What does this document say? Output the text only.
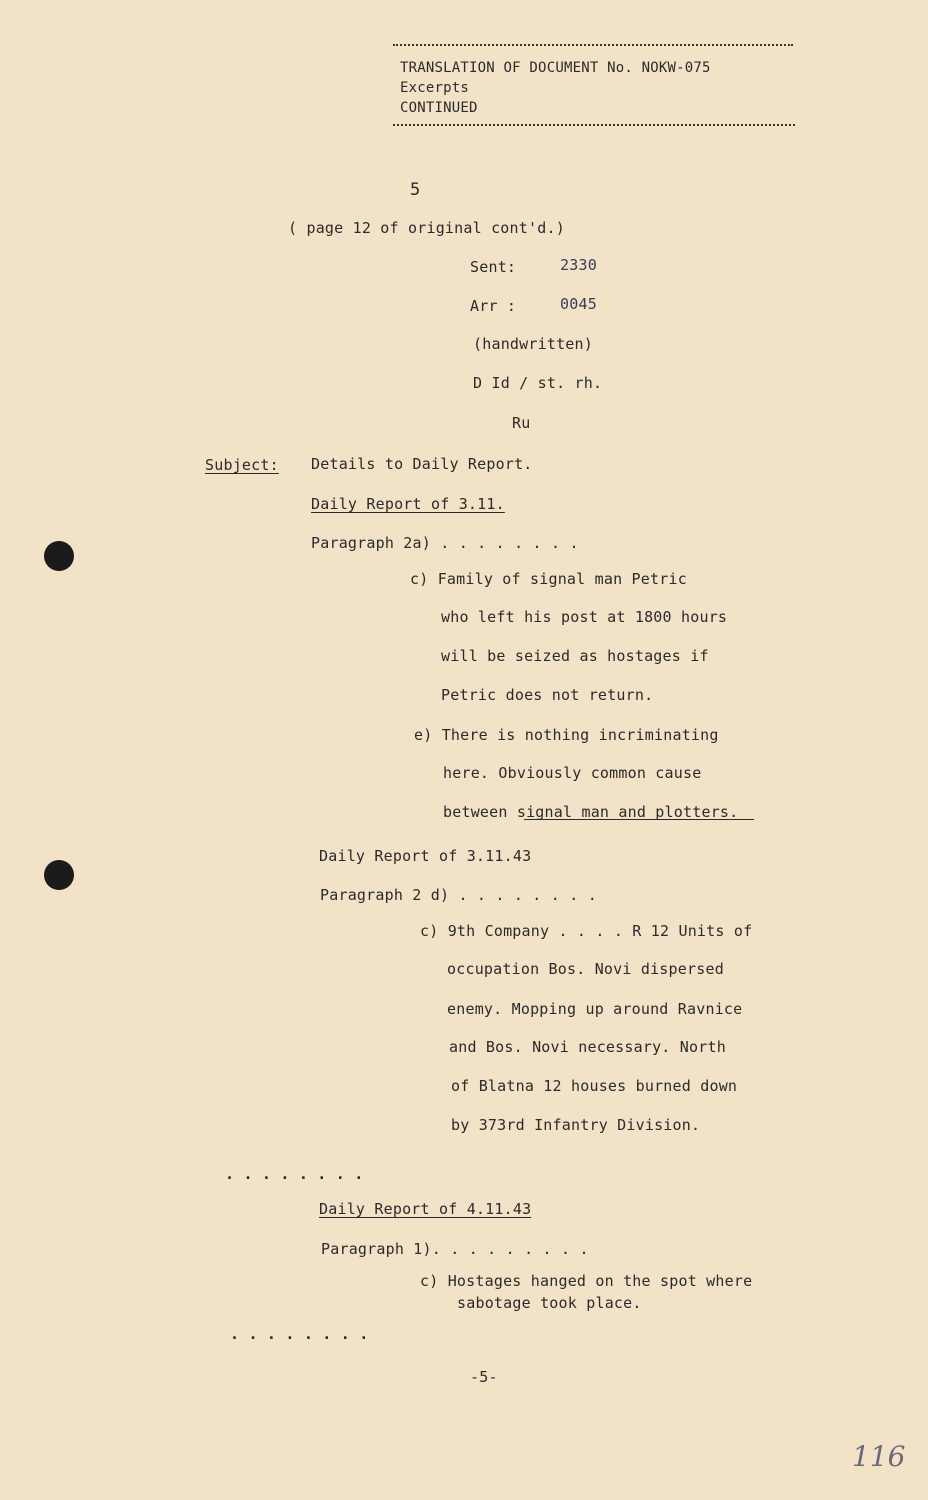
TRANSLATION OF DOCUMENT No. NOKW-075
Excerpts
CONTINUED
5
( page 12 of original cont'd.)
Sent:	2330
Arr :	0045
(handwritten)
D Id / st. rh.
Ru
Subject: Details to Daily Report.
Daily Report of 3.11.
Paragraph 2a) . . . . . . . .
c) Family of signal man Petric
who left his post at 1800 hours
will be seized as hostages if
Petric does not return.
e) There is nothing incriminating
here. Obviously common cause
between signal man and plotters.
Daily Report of 3.11.43
Paragraph 2 d) . . . . . . . .
c) 9th Company . . . . R 12 Units of
occupation Bos. Novi dispersed
enemy. Mopping up around Ravnice
and Bos. Novi necessary. North
of Blatna 12 houses burned down
by 373rd Infantry Division.
. . . . . . . .
Daily Report of 4.11.43
Paragraph 1). . . . . . . . .
c) Hostages hanged on the spot where
sabotage took place.
. . . . . . . .
-5-
116
